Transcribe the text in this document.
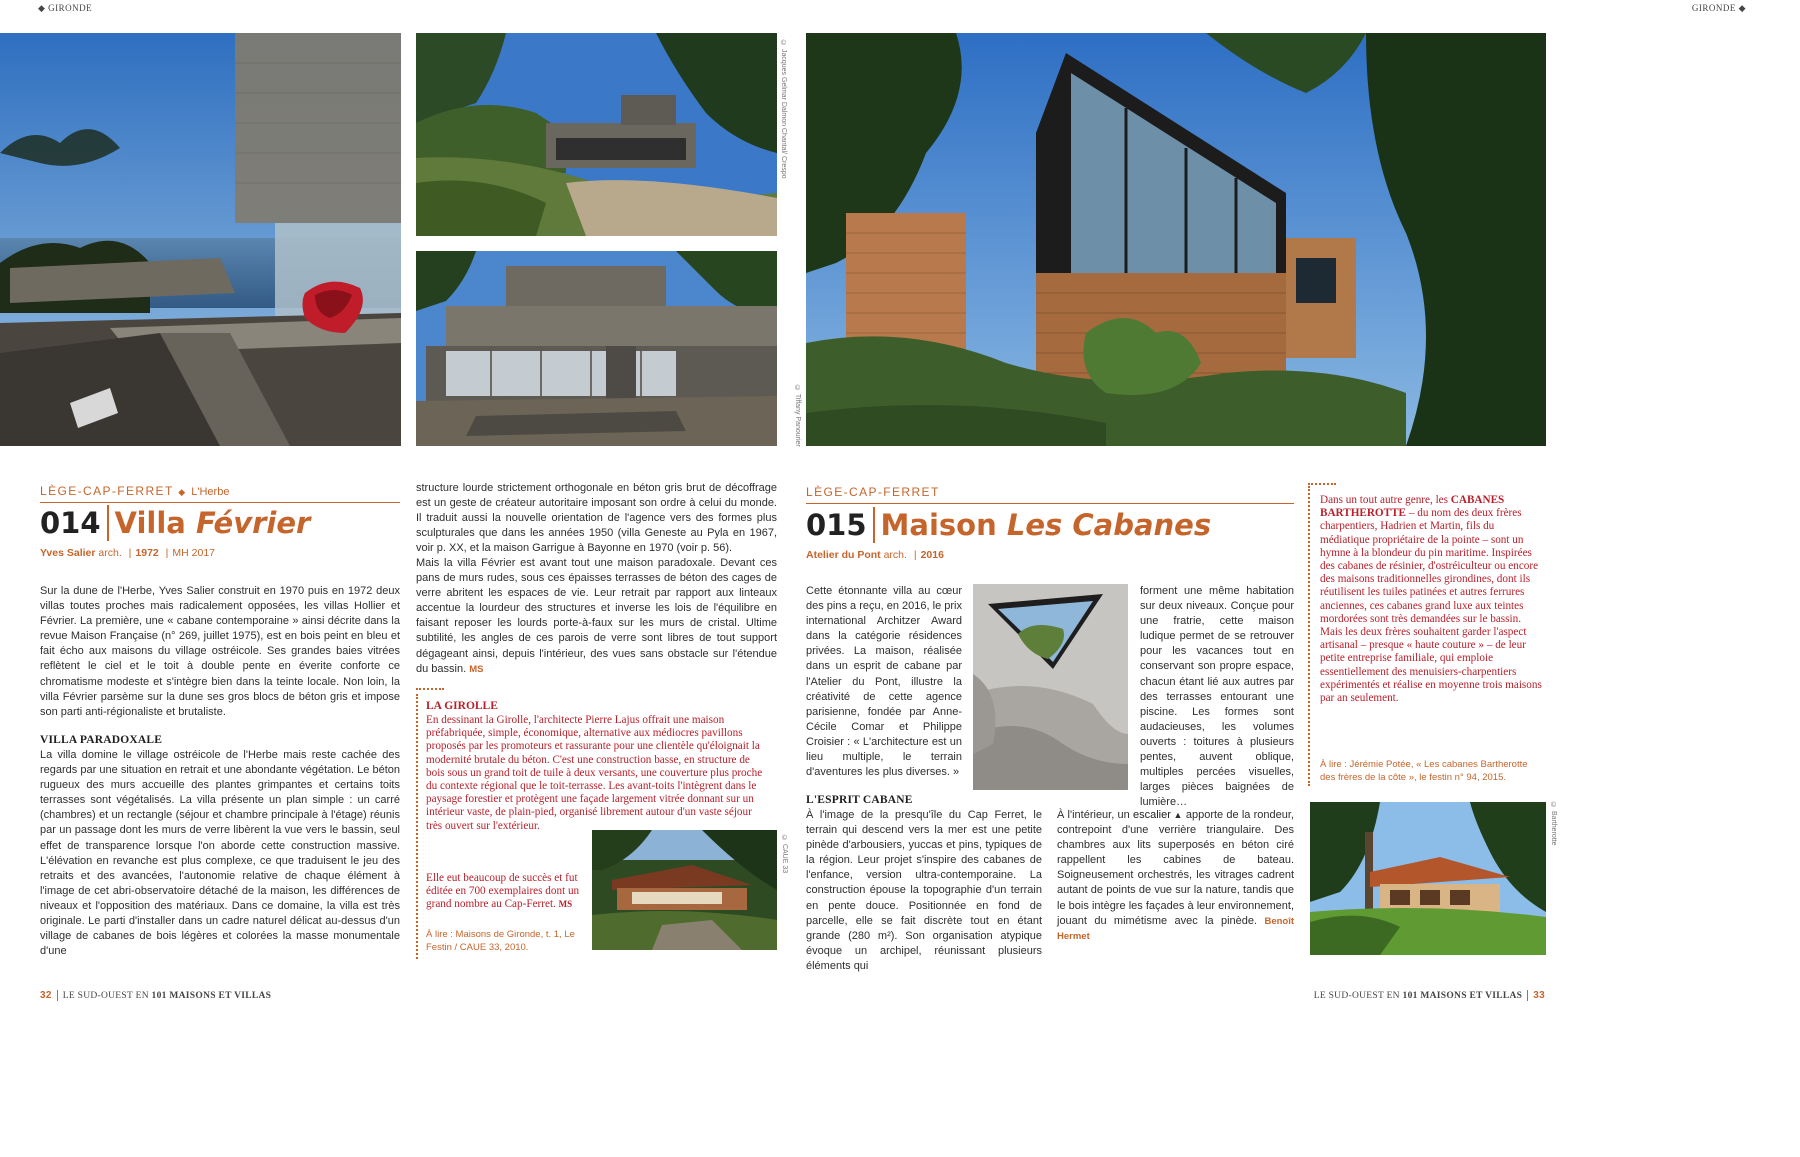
◆ GIRONDE	GIRONDE ◆
© Jacques Gelmar Dalmon Chantal/ Crespo
© Tiffany Panourier
LÈGE-CAP-FERRET ◆ L'Herbe
014 Villa Février
Yves Salier arch. | 1972 | MH 2017
Sur la dune de l'Herbe, Yves Salier construit en 1970 puis en 1972 deux villas toutes proches mais radicalement opposées, les villas Hollier et Février. La première, une « cabane contemporaine » ainsi décrite dans la revue Maison Française (n° 269, juillet 1975), est en bois peint en bleu et fait écho aux maisons du village ostréicole. Ses grandes baies vitrées reflètent le ciel et le toit à double pente en éverite conforte ce chromatisme modeste et s'intègre bien dans la teinte locale. Non loin, la villa Février parsème sur la dune ses gros blocs de béton gris et impose son parti anti-régionaliste et brutaliste.
VILLA PARADOXALE
La villa domine le village ostréicole de l'Herbe mais reste cachée des regards par une situation en retrait et une abondante végétation. Le béton rugueux des murs accueille des plantes grimpantes et certains toits terrasses sont végétalisés. La villa présente un plan simple : un carré (chambres) et un rectangle (séjour et chambre principale à l'étage) réunis par un passage dont les murs de verre libèrent la vue vers le bassin, seul effet de transparence lorsque l'on aborde cette construction massive. L'élévation en revanche est plus complexe, ce que traduisent le jeu des retraits et des avancées, l'autonomie relative de chaque élément à l'image de cet abri-observatoire détaché de la maison, les différences de niveaux et l'opposition des matériaux. Dans ce domaine, la villa est très originale. Le parti d'installer dans un cadre naturel délicat au-dessus d'un village de cabanes de bois légères et colorées la masse monumentale d'une
structure lourde strictement orthogonale en béton gris brut de décoffrage est un geste de créateur autoritaire imposant son ordre à celui du monde. Il traduit aussi la nouvelle orientation de l'agence vers des formes plus sculpturales que dans les années 1950 (villa Geneste au Pyla en 1967, voir p. XX, et la maison Garrigue à Bayonne en 1970 (voir p. 56).
Mais la villa Février est avant tout une maison paradoxale. Devant ces pans de murs rudes, sous ces épaisses terrasses de béton des cages de verre abritent les espaces de vie. Leur retrait par rapport aux linteaux accentue la lourdeur des structures et inverse les lois de l'équilibre en faisant reposer les lourds porte-à-faux sur les murs de cristal. Ultime subtilité, les angles de ces parois de verre sont libres de tout support dégageant ainsi, depuis l'intérieur, des vues sans obstacle sur l'étendue du bassin. MS
LA GIROLLE
En dessinant la Girolle, l'architecte Pierre Lajus offrait une maison préfabriquée, simple, économique, alternative aux médiocres pavillons proposés par les promoteurs et rassurante pour une clientèle qu'éloignait la modernité brutale du béton. C'est une construction basse, en structure de bois sous un grand toit de tuile à deux versants, une couverture plus proche du contexte régional que le toit-terrasse. Les avant-toits l'intègrent dans le paysage forestier et protègent une façade largement vitrée donnant sur un intérieur vaste, de plain-pied, organisé librement autour d'un vaste séjour très ouvert sur l'extérieur.
Elle eut beaucoup de succès et fut éditée en 700 exemplaires dont un grand nombre au Cap-Ferret. MS
À lire : Maisons de Gironde, t. 1, Le Festin / CAUE 33, 2010.
© CAUE 33
LÈGE-CAP-FERRET
015 Maison Les Cabanes
Atelier du Pont arch. | 2016
Cette étonnante villa au cœur des pins a reçu, en 2016, le prix international Architzer Award dans la catégorie résidences privées. La maison, réalisée dans un esprit de cabane par l'Atelier du Pont, illustre la créativité de cette agence parisienne, fondée par Anne-Cécile Comar et Philippe Croisier : « L'architecture est un lieu multiple, le terrain d'aventures les plus diverses. »
forment une même habitation sur deux niveaux. Conçue pour une fratrie, cette maison ludique permet de se retrouver pour les vacances tout en conservant son propre espace, chacun étant lié aux autres par des terrasses entourant une piscine. Les formes sont audacieuses, les volumes ouverts : toitures à plusieurs pentes, auvent oblique, multiples percées visuelles, larges pièces baignées de lumière…
L'ESPRIT CABANE
À l'image de la presqu'île du Cap Ferret, le terrain qui descend vers la mer est une petite pinède d'arbousiers, yuccas et pins, typiques de la région. Leur projet s'inspire des cabanes de l'enfance, version ultra-contemporaine. La construction épouse la topographie d'un terrain en pente douce. Positionnée en fond de parcelle, elle se fait discrète tout en étant grande (280 m²). Son organisation atypique évoque un archipel, réunissant plusieurs éléments qui
À l'intérieur, un escalier ▲ apporte de la rondeur, contrepoint d'une verrière triangulaire. Des chambres aux lits superposés en béton ciré rappellent les cabines de bateau. Soigneusement orchestrés, les vitrages cadrent autant de points de vue sur la nature, tandis que le bois intègre les façades à leur environnement, jouant du mimétisme avec la pinède. Benoît Hermet
Dans un tout autre genre, les CABANES BARTHEROTTE – du nom des deux frères charpentiers, Hadrien et Martin, fils du médiatique propriétaire de la pointe – sont un hymne à la blondeur du pin maritime. Inspirées des cabanes de résinier, d'ostréiculteur ou encore des maisons traditionnelles girondines, dont ils réutilisent les tuiles patinées et autres ferrures anciennes, ces cabanes grand luxe aux teintes mordorées sont très demandées sur le bassin.
Mais les deux frères souhaitent garder l'aspect artisanal – presque « haute couture » – de leur petite entreprise familiale, qui emploie essentiellement des menuisiers-charpentiers expérimentés et réalise en moyenne trois maisons par an seulement.
À lire : Jérémie Potée, « Les cabanes Bartherotte des frères de la côte », le festin n° 94, 2015.
© Bartherotte
32 LE SUD-OUEST EN 101 MAISONS ET VILLAS	LE SUD-OUEST EN 101 MAISONS ET VILLAS 33
